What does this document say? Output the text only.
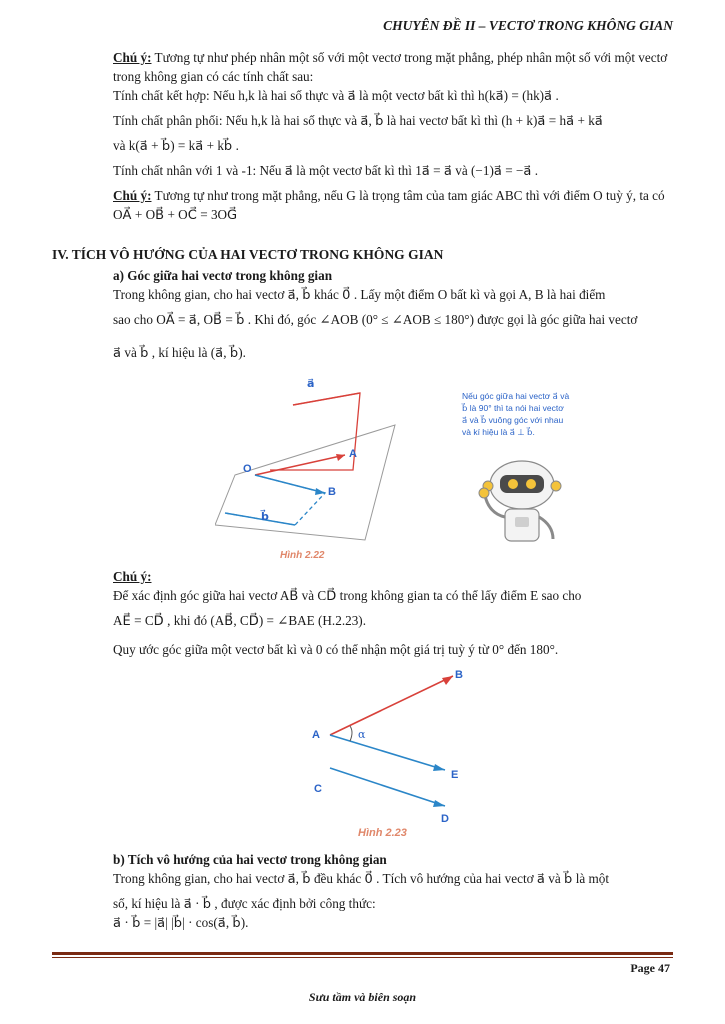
CHUYÊN ĐỀ II – VECTƠ TRONG KHÔNG GIAN

Chú ý: Tương tự như phép nhân một số với một vectơ trong mặt phẳng, phép nhân một số với một vectơ trong không gian có các tính chất sau:

Tính chất kết hợp: Nếu h,k là hai số thực và a⃗ là một vectơ bất kì thì h(ka⃗) = (hk)a⃗ .

Tính chất phân phối: Nếu h,k là hai số thực và a⃗, b⃗ là hai vectơ bất kì thì (h + k)a⃗ = ha⃗ + ka⃗

và k(a⃗ + b⃗) = ka⃗ + kb⃗ .

Tính chất nhân với 1 và -1: Nếu a⃗ là một vectơ bất kì thì 1a⃗ = a⃗ và (−1)a⃗ = −a⃗ .

Chú ý: Tương tự như trong mặt phẳng, nếu G là trọng tâm của tam giác ABC thì với điểm O tuỳ ý, ta có OA⃗ + OB⃗ + OC⃗ = 3OG⃗

IV. TÍCH VÔ HƯỚNG CỦA HAI VECTƠ TRONG KHÔNG GIAN

a) Góc giữa hai vectơ trong không gian

Trong không gian, cho hai vectơ a⃗, b⃗ khác 0⃗ . Lấy một điểm O bất kì và gọi A, B là hai điểm

sao cho OA⃗ = a⃗, OB⃗ = b⃗ . Khi đó, góc ∠AOB (0° ≤ ∠AOB ≤ 180°) được gọi là góc giữa hai vectơ

a⃗ và b⃗ , kí hiệu là (a⃗, b⃗).

a⃗
b⃗
O
A
B
Hình 2.22
Nếu góc giữa hai vectơ a⃗ và
b⃗ là 90° thì ta nói hai vectơ
a⃗ và b⃗ vuông góc với nhau
và kí hiệu là a⃗ ⊥ b⃗.

Chú ý:

Để xác định góc giữa hai vectơ AB⃗ và CD⃗ trong không gian ta có thể lấy điểm E sao cho

AE⃗ = CD⃗ , khi đó (AB⃗, CD⃗) = ∠BAE (H.2.23).

Quy ước góc giữa một vectơ bất kì và 0 có thể nhận một giá trị tuỳ ý từ 0° đến 180°.

A
B
C
D
E
α
Hình 2.23

b) Tích vô hướng của hai vectơ trong không gian

Trong không gian, cho hai vectơ a⃗, b⃗ đều khác 0⃗ . Tích vô hướng của hai vectơ a⃗ và b⃗ là một

số, kí hiệu là a⃗ · b⃗ , được xác định bởi công thức:

a⃗ · b⃗ = |a⃗| |b⃗| · cos(a⃗, b⃗).

Page 47
Sưu tầm và biên soạn
